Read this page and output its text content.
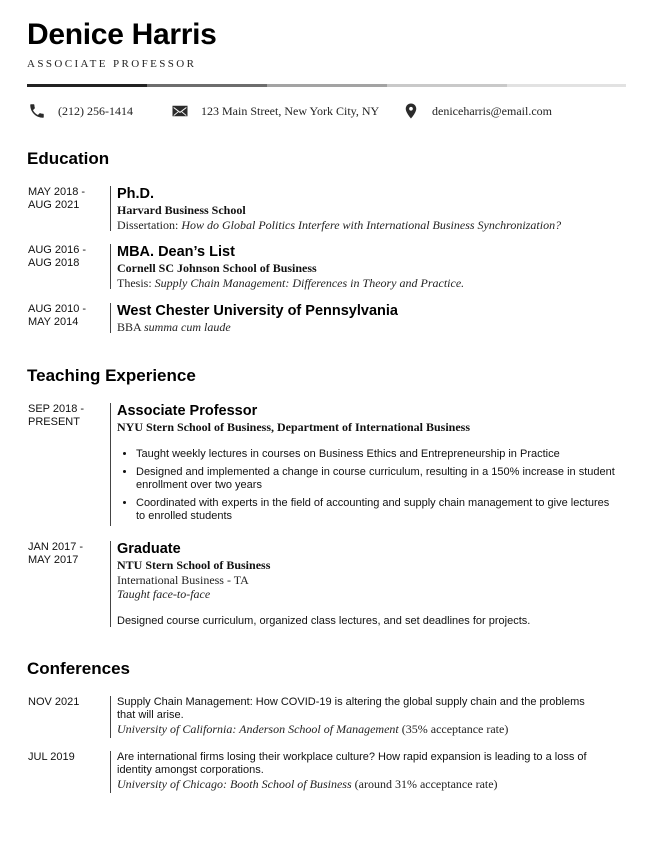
Denice Harris
ASSOCIATE PROFESSOR
(212) 256-1414	123 Main Street, New York City, NY	deniceharris@email.com
Education
MAY 2018 -
AUG 2021
Ph.D.
Harvard Business School
Dissertation: How do Global Politics Interfere with International Business Synchronization?
AUG 2016 -
AUG 2018
MBA. Dean’s List
Cornell SC Johnson School of Business
Thesis: Supply Chain Management: Differences in Theory and Practice.
AUG 2010 -
MAY 2014
West Chester University of Pennsylvania
BBA summa cum laude
Teaching Experience
SEP 2018 -
PRESENT
Associate Professor
NYU Stern School of Business, Department of International Business
• Taught weekly lectures in courses on Business Ethics and Entrepreneurship in Practice
• Designed and implemented a change in course curriculum, resulting in a 150% increase in student enrollment over two years
• Coordinated with experts in the field of accounting and supply chain management to give lectures to enrolled students
JAN 2017 -
MAY 2017
Graduate
NTU Stern School of Business
International Business - TA
Taught face-to-face
Designed course curriculum, organized class lectures, and set deadlines for projects.
Conferences
NOV 2021	Supply Chain Management: How COVID-19 is altering the global supply chain and the problems that will arise.
University of California: Anderson School of Management (35% acceptance rate)
JUL 2019	Are international firms losing their workplace culture? How rapid expansion is leading to a loss of identity amongst corporations.
University of Chicago: Booth School of Business (around 31% acceptance rate)
